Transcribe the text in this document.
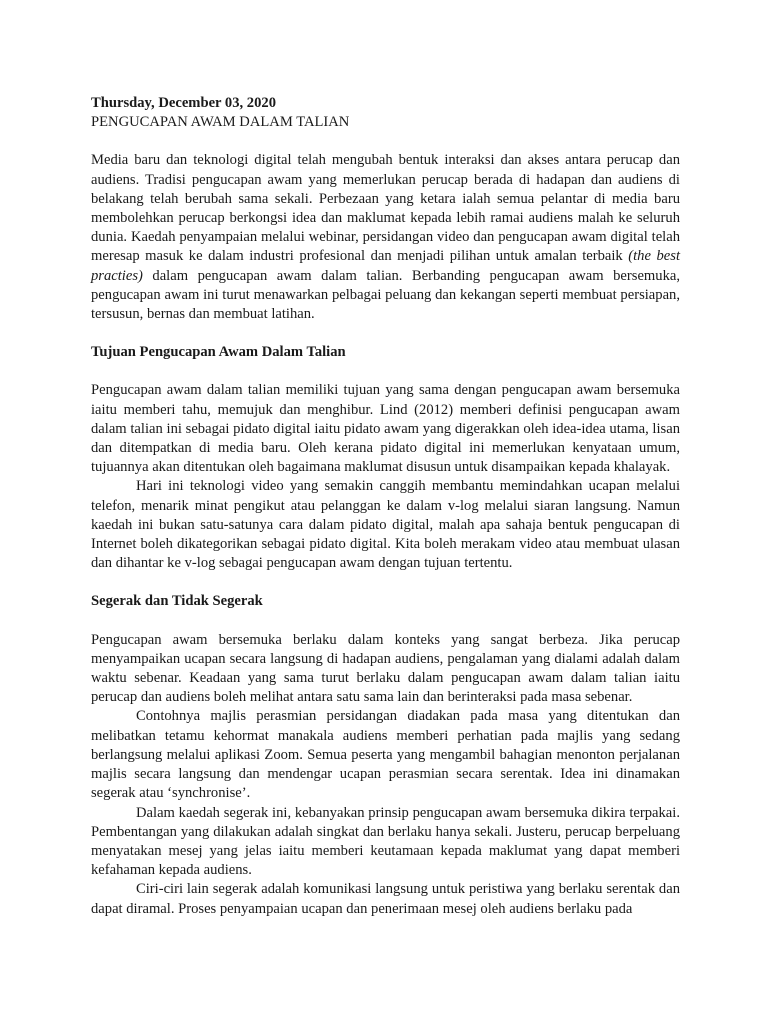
Thursday, December 03, 2020
PENGUCAPAN AWAM DALAM TALIAN

Media baru dan teknologi digital telah mengubah bentuk interaksi dan akses antara perucap dan audiens. Tradisi pengucapan awam yang memerlukan perucap berada di hadapan dan audiens di belakang telah berubah sama sekali. Perbezaan yang ketara ialah semua pelantar di media baru membolehkan perucap berkongsi idea dan maklumat kepada lebih ramai audiens malah ke seluruh dunia. Kaedah penyampaian melalui webinar, persidangan video dan pengucapan awam digital telah meresap masuk ke dalam industri profesional dan menjadi pilihan untuk amalan terbaik (the best practies) dalam pengucapan awam dalam talian. Berbanding pengucapan awam bersemuka, pengucapan awam ini turut menawarkan pelbagai peluang dan kekangan seperti membuat persiapan, tersusun, bernas dan membuat latihan.

Tujuan Pengucapan Awam Dalam Talian

Pengucapan awam dalam talian memiliki tujuan yang sama dengan pengucapan awam bersemuka iaitu memberi tahu, memujuk dan menghibur. Lind (2012) memberi definisi pengucapan awam dalam talian ini sebagai pidato digital iaitu pidato awam yang digerakkan oleh idea-idea utama, lisan dan ditempatkan di media baru. Oleh kerana pidato digital ini memerlukan kenyataan umum, tujuannya akan ditentukan oleh bagaimana maklumat disusun untuk disampaikan kepada khalayak.

Hari ini teknologi video yang semakin canggih membantu memindahkan ucapan melalui telefon, menarik minat pengikut atau pelanggan ke dalam v-log melalui siaran langsung. Namun kaedah ini bukan satu-satunya cara dalam pidato digital, malah apa sahaja bentuk pengucapan di Internet boleh dikategorikan sebagai pidato digital. Kita boleh merakam video atau membuat ulasan dan dihantar ke v-log sebagai pengucapan awam dengan tujuan tertentu.

Segerak dan Tidak Segerak

Pengucapan awam bersemuka berlaku dalam konteks yang sangat berbeza. Jika perucap menyampaikan ucapan secara langsung di hadapan audiens, pengalaman yang dialami adalah dalam waktu sebenar. Keadaan yang sama turut berlaku dalam pengucapan awam dalam talian iaitu perucap dan audiens boleh melihat antara satu sama lain dan berinteraksi pada masa sebenar.

Contohnya majlis perasmian persidangan diadakan pada masa yang ditentukan dan melibatkan tetamu kehormat manakala audiens memberi perhatian pada majlis yang sedang berlangsung melalui aplikasi Zoom. Semua peserta yang mengambil bahagian menonton perjalanan majlis secara langsung dan mendengar ucapan perasmian secara serentak. Idea ini dinamakan segerak atau ‘synchronise’.

Dalam kaedah segerak ini, kebanyakan prinsip pengucapan awam bersemuka dikira terpakai. Pembentangan yang dilakukan adalah singkat dan berlaku hanya sekali. Justeru, perucap berpeluang menyatakan mesej yang jelas iaitu memberi keutamaan kepada maklumat yang dapat memberi kefahaman kepada audiens.

Ciri-ciri lain segerak adalah komunikasi langsung untuk peristiwa yang berlaku serentak dan dapat diramal. Proses penyampaian ucapan dan penerimaan mesej oleh audiens berlaku pada
